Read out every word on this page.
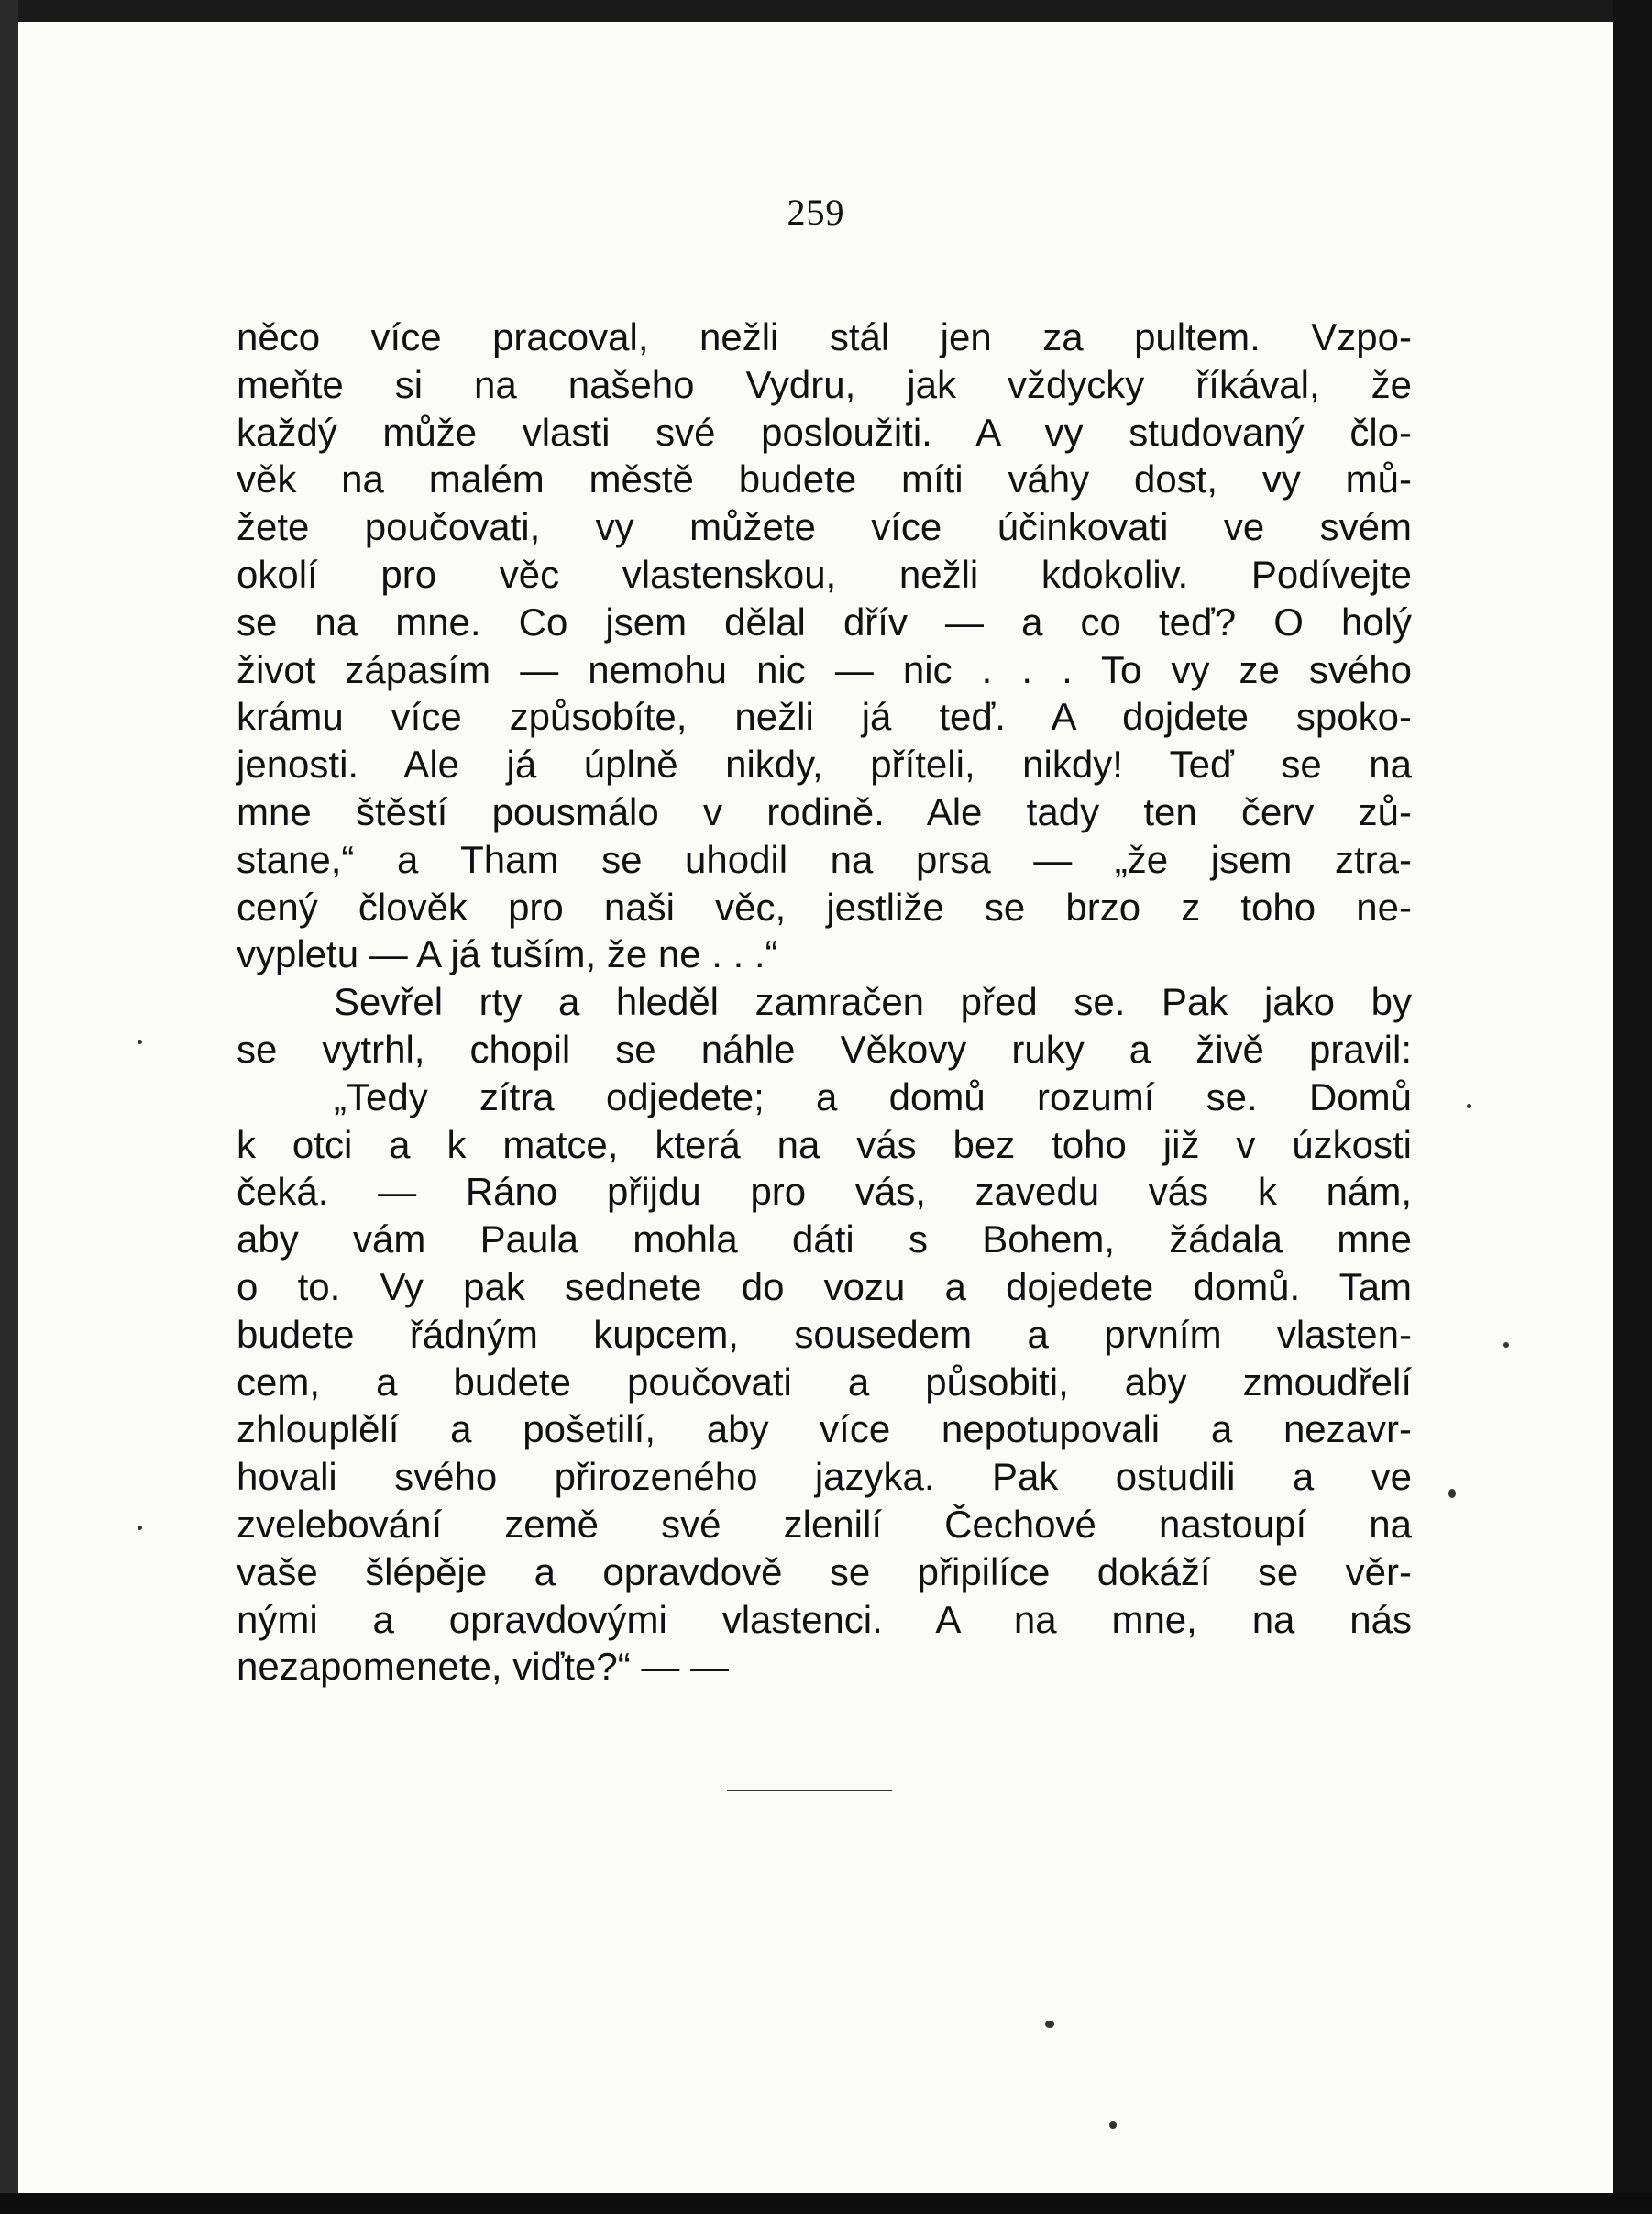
259
něco více pracoval, nežli stál jen za pultem. Vzpo-
meňte si na našeho Vydru, jak vždycky říkával, že
každý může vlasti své posloužiti. A vy studovaný člo-
věk na malém městě budete míti váhy dost, vy mů-
žete poučovati, vy můžete více účinkovati ve svém
okolí pro věc vlastenskou, nežli kdokoliv. Podívejte
se na mne. Co jsem dělal dřív — a co teď? O holý
život zápasím — nemohu nic — nic . . . To vy ze svého
krámu více způsobíte, nežli já teď. A dojdete spoko-
jenosti. Ale já úplně nikdy, příteli, nikdy! Teď se na
mne štěstí pousmálo v rodině. Ale tady ten červ zů-
stane,“ a Tham se uhodil na prsa — „že jsem ztra-
cený člověk pro naši věc, jestliže se brzo z toho ne-
vypletu — A já tuším, že ne . . .“
Sevřel rty a hleděl zamračen před se. Pak jako by
se vytrhl, chopil se náhle Věkovy ruky a živě pravil:
„Tedy zítra odjedete; a domů rozumí se. Domů
k otci a k matce, která na vás bez toho již v úzkosti
čeká. — Ráno přijdu pro vás, zavedu vás k nám,
aby vám Paula mohla dáti s Bohem, žádala mne
o to. Vy pak sednete do vozu a dojedete domů. Tam
budete řádným kupcem, sousedem a prvním vlasten-
cem, a budete poučovati a působiti, aby zmoudřelí
zhlouplělí a pošetilí, aby více nepotupovali a nezavr-
hovali svého přirozeného jazyka. Pak ostudili a ve
zvelebování země své zlenilí Čechové nastoupí na
vaše šlépěje a opravdově se připilíce dokáží se věr-
nými a opravdovými vlastenci. A na mne, na nás
nezapomenete, viďte?“ — —
